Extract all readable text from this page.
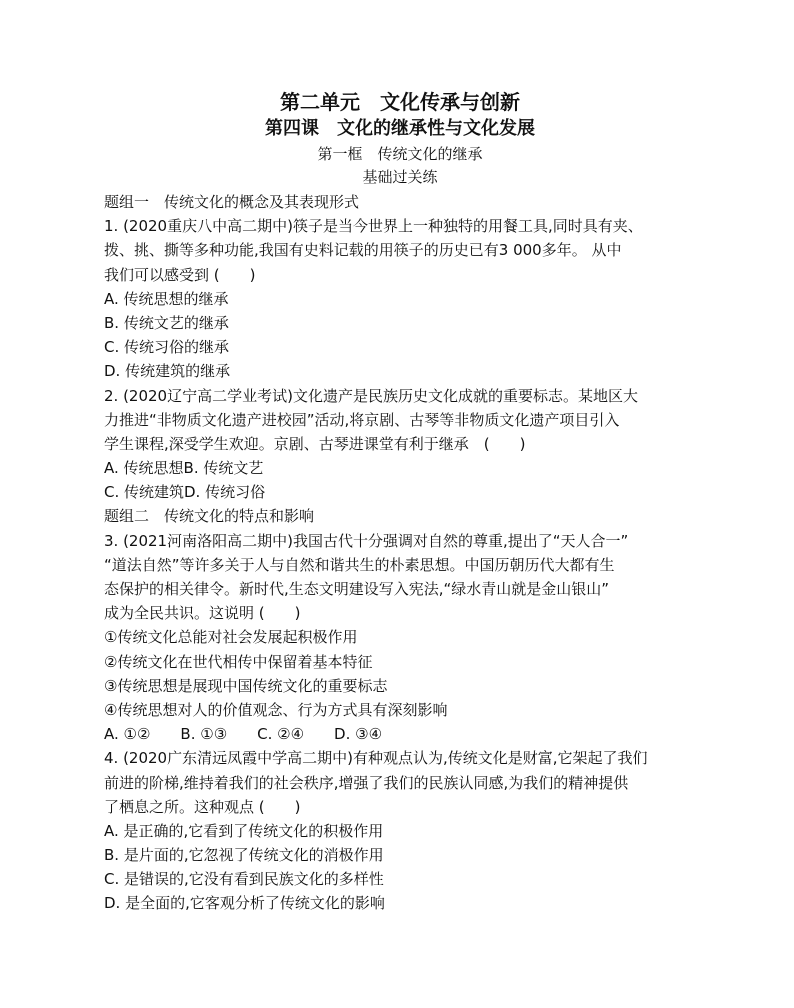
第二单元　文化传承与创新
第四课　文化的继承性与文化发展
第一框　传统文化的继承
基础过关练
题组一　传统文化的概念及其表现形式
1. (2020重庆八中高二期中)筷子是当今世界上一种独特的用餐工具,同时具有夹、
拨、挑、撕等多种功能,我国有史料记载的用筷子的历史已有3 000多年。 从中
我们可以感受到 (　　)
A. 传统思想的继承
B. 传统文艺的继承
C. 传统习俗的继承
D. 传统建筑的继承
2. (2020辽宁高二学业考试)文化遗产是民族历史文化成就的重要标志。某地区大
力推进“非物质文化遗产进校园”活动,将京剧、古琴等非物质文化遗产项目引入
学生课程,深受学生欢迎。京剧、古琴进课堂有利于继承　(　　)
A. 传统思想B. 传统文艺
C. 传统建筑D. 传统习俗
题组二　传统文化的特点和影响
3. (2021河南洛阳高二期中)我国古代十分强调对自然的尊重,提出了“天人合一”
“道法自然”等许多关于人与自然和谐共生的朴素思想。中国历朝历代大都有生
态保护的相关律令。新时代,生态文明建设写入宪法,“绿水青山就是金山银山”
成为全民共识。这说明 (　　)
①传统文化总能对社会发展起积极作用
②传统文化在世代相传中保留着基本特征
③传统思想是展现中国传统文化的重要标志
④传统思想对人的价值观念、行为方式具有深刻影响
A. ①②　　B. ①③　　C. ②④　　D. ③④
4. (2020广东清远凤霞中学高二期中)有种观点认为,传统文化是财富,它架起了我们
前进的阶梯,维持着我们的社会秩序,增强了我们的民族认同感,为我们的精神提供
了栖息之所。这种观点 (　　)
A. 是正确的,它看到了传统文化的积极作用
B. 是片面的,它忽视了传统文化的消极作用
C. 是错误的,它没有看到民族文化的多样性
D. 是全面的,它客观分析了传统文化的影响
